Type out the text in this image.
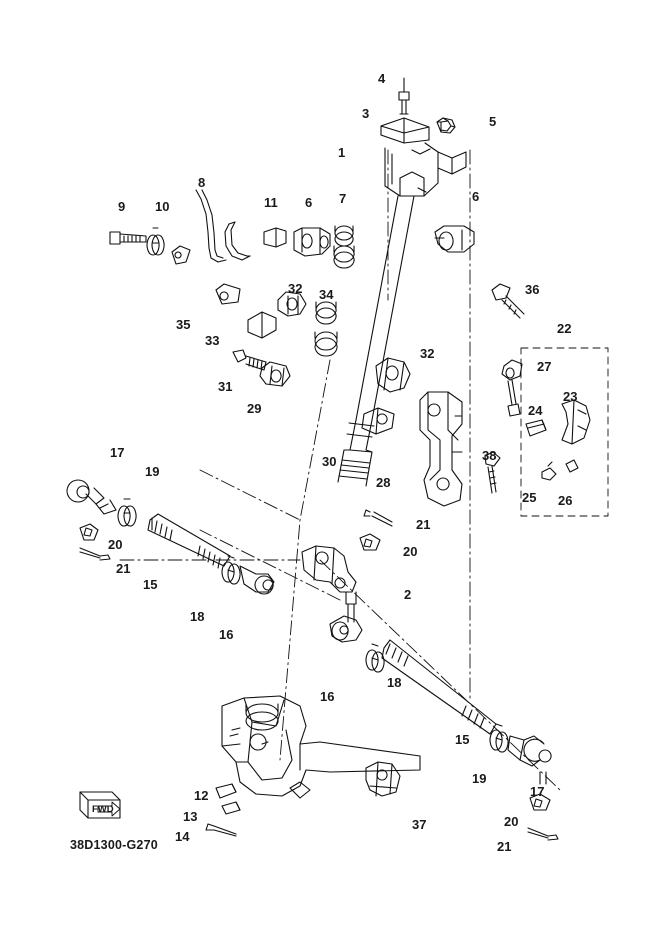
FWD
38D1300-G270
4
3
5
1
8
6
9 10	11 6 7
36
22
32 34
35
33
27
32
23
31
29	24
30	38
28
25 26
17
19
20
21
15
18
16
21
20
2
16
18
15
19
17
12
13
14
37	20
21
